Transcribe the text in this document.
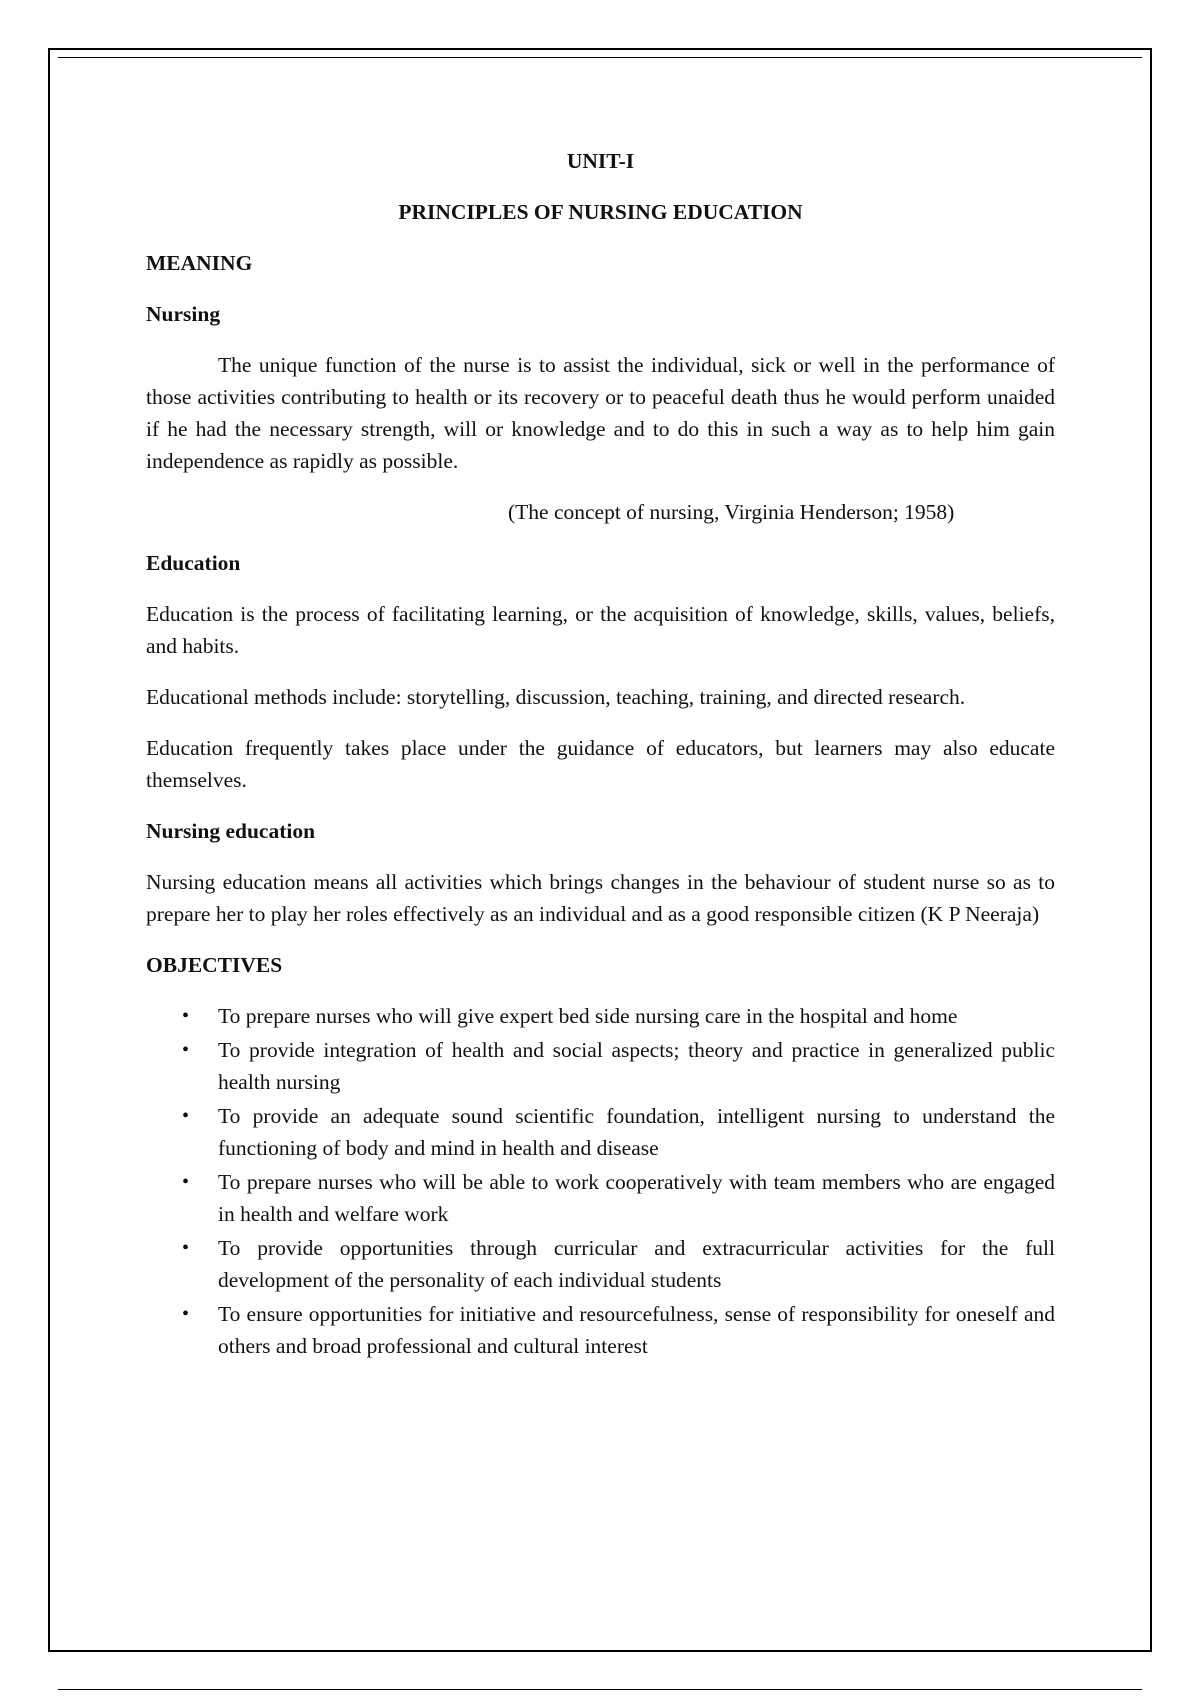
UNIT-I
PRINCIPLES OF NURSING EDUCATION
MEANING
Nursing

The unique function of the nurse is to assist the individual, sick or well in the performance of those activities contributing to health or its recovery or to peaceful death thus he would perform unaided if he had the necessary strength, will or knowledge and to do this in such a way as to help him gain independence as rapidly as possible.

(The concept of nursing, Virginia Henderson; 1958)

Education

Education is the process of facilitating learning, or the acquisition of knowledge, skills, values, beliefs, and habits.

Educational methods include: storytelling, discussion, teaching, training, and directed research.

Education frequently takes place under the guidance of educators, but learners may also educate themselves.

Nursing education

Nursing education means all activities which brings changes in the behaviour of student nurse so as to prepare her to play her roles effectively as an individual and as a good responsible citizen (K P Neeraja)

OBJECTIVES
• To prepare nurses who will give expert bed side nursing care in the hospital and home
• To provide integration of health and social aspects; theory and practice in generalized public health nursing
• To provide an adequate sound scientific foundation, intelligent nursing to understand the functioning of body and mind in health and disease
• To prepare nurses who will be able to work cooperatively with team members who are engaged in health and welfare work
• To provide opportunities through curricular and extracurricular activities for the full development of the personality of each individual students
• To ensure opportunities for initiative and resourcefulness, sense of responsibility for oneself and others and broad professional and cultural interest
